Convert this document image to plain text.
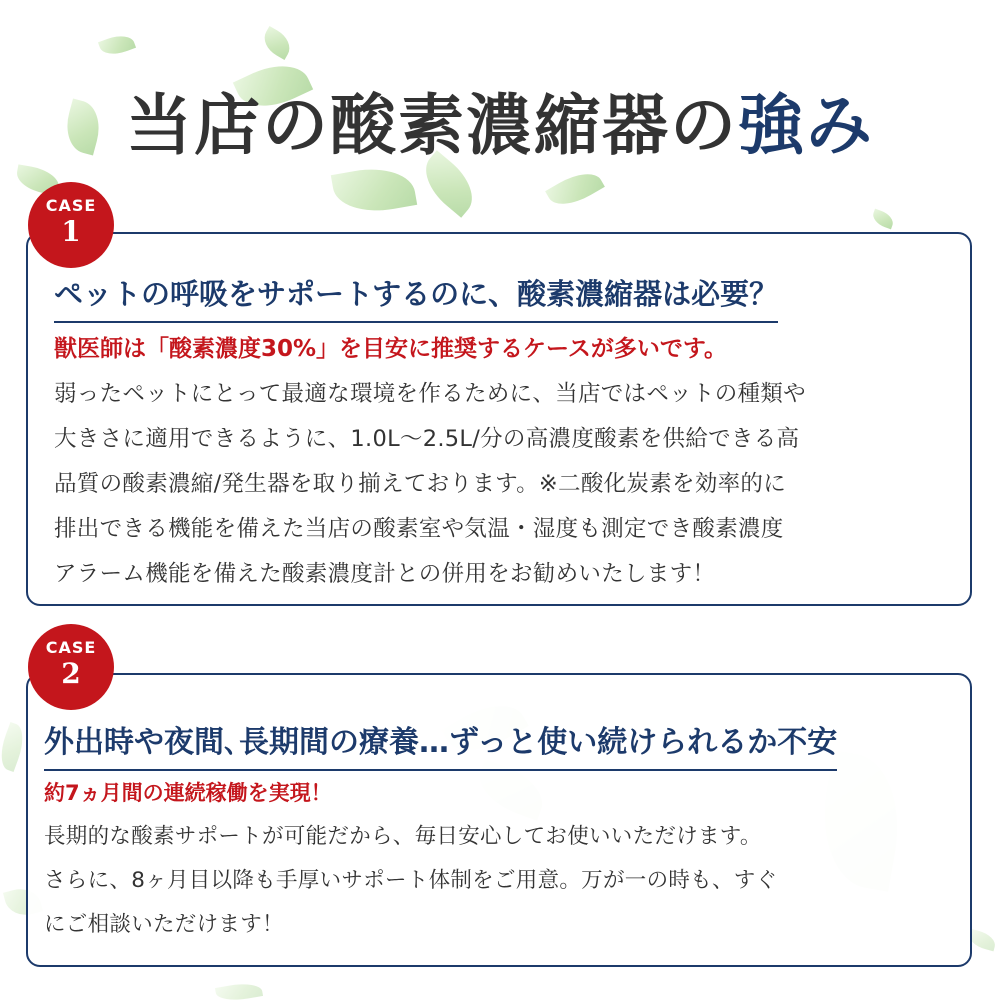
当店の酸素濃縮器の強み
ペットの呼吸をサポートするのに、酸素濃縮器は必要？
獣医師は「酸素濃度30%」を目安に推奨するケースが多いです。
弱ったペットにとって最適な環境を作るために、当店ではペットの種類や
大きさに適用できるように、1.0L〜2.5L/分の高濃度酸素を供給できる高
品質の酸素濃縮/発生器を取り揃えております。※二酸化炭素を効率的に
排出できる機能を備えた当店の酸素室や気温・湿度も測定でき酸素濃度
アラーム機能を備えた酸素濃度計との併用をお勧めいたします！
CASE
1
外出時や夜間､長期間の療養…ずっと使い続けられるか不安
約7ヵ月間の連続稼働を実現！
長期的な酸素サポートが可能だから、毎日安心してお使いいただけます。
さらに、8ヶ月目以降も手厚いサポート体制をご用意。万が一の時も、すぐ
にご相談いただけます！
CASE
2
